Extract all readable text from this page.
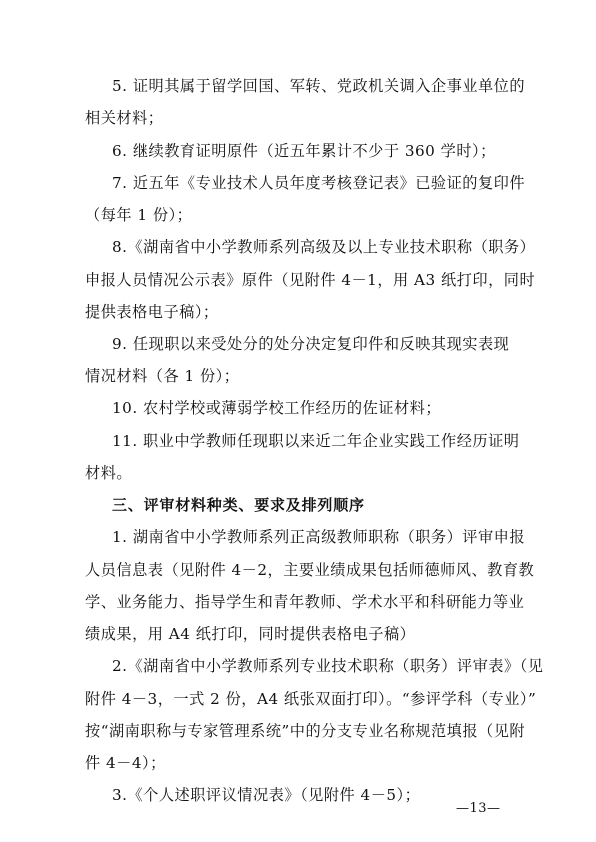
5. 证明其属于留学回国、军转、党政机关调入企事业单位的
相关材料；
6. 继续教育证明原件（近五年累计不少于 360 学时）；
7. 近五年《专业技术人员年度考核登记表》已验证的复印件
（每年 1 份）；
8.《湖南省中小学教师系列高级及以上专业技术职称（职务）
申报人员情况公示表》原件（见附件 4－1，用 A3 纸打印，同时
提供表格电子稿）；
9. 任现职以来受处分的处分决定复印件和反映其现实表现
情况材料（各 1 份）；
10. 农村学校或薄弱学校工作经历的佐证材料；
11. 职业中学教师任现职以来近二年企业实践工作经历证明
材料。
三、评审材料种类、要求及排列顺序
1. 湖南省中小学教师系列正高级教师职称（职务）评审申报
人员信息表（见附件 4－2，主要业绩成果包括师德师风、教育教
学、业务能力、指导学生和青年教师、学术水平和科研能力等业
绩成果，用 A4 纸打印，同时提供表格电子稿）
2.《湖南省中小学教师系列专业技术职称（职务）评审表》（见
附件 4－3，一式 2 份，A4 纸张双面打印）。“参评学科（专业）”
按“湖南职称与专家管理系统”中的分支专业名称规范填报（见附
件 4－4）；
3.《个人述职评议情况表》（见附件 4－5）；
—13—
